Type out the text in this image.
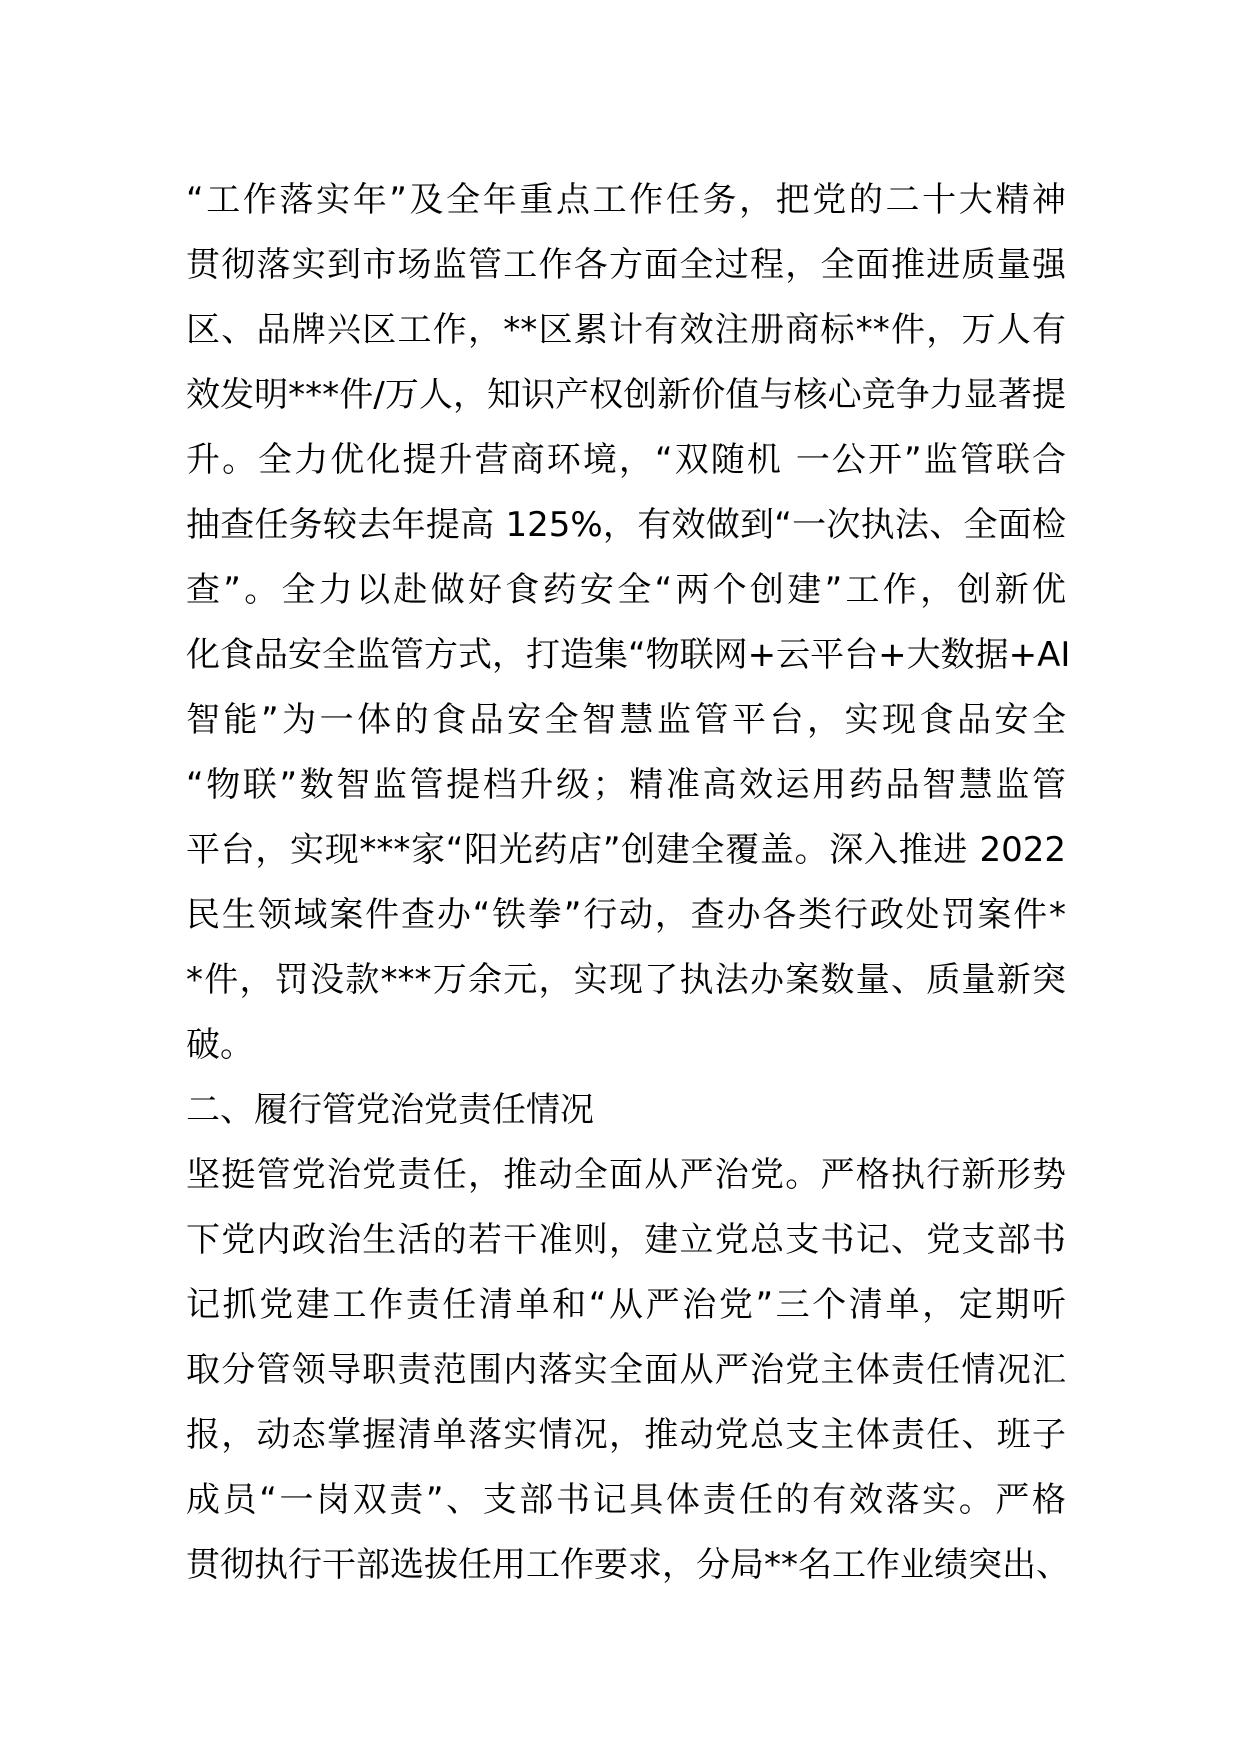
“工作落实年”及全年重点工作任务，把党的二十大精神
贯彻落实到市场监管工作各方面全过程，全面推进质量强
区、品牌兴区工作，**区累计有效注册商标**件，万人有
效发明***件/万人，知识产权创新价值与核心竞争力显著提
升。全力优化提升营商环境，“双随机 一公开”监管联合
抽查任务较去年提高 125%，有效做到“一次执法、全面检
查”。全力以赴做好食药安全“两个创建”工作，创新优
化食品安全监管方式，打造集“物联网+云平台+大数据+AI
智能”为一体的食品安全智慧监管平台，实现食品安全
“物联”数智监管提档升级；精准高效运用药品智慧监管
平台，实现***家“阳光药店”创建全覆盖。深入推进 2022
民生领域案件查办“铁拳”行动，查办各类行政处罚案件*
*件，罚没款***万余元，实现了执法办案数量、质量新突
破。
二、履行管党治党责任情况
坚挺管党治党责任，推动全面从严治党。严格执行新形势
下党内政治生活的若干准则，建立党总支书记、党支部书
记抓党建工作责任清单和“从严治党”三个清单，定期听
取分管领导职责范围内落实全面从严治党主体责任情况汇
报，动态掌握清单落实情况，推动党总支主体责任、班子
成员“一岗双责”、支部书记具体责任的有效落实。严格
贯彻执行干部选拔任用工作要求，分局**名工作业绩突出、
